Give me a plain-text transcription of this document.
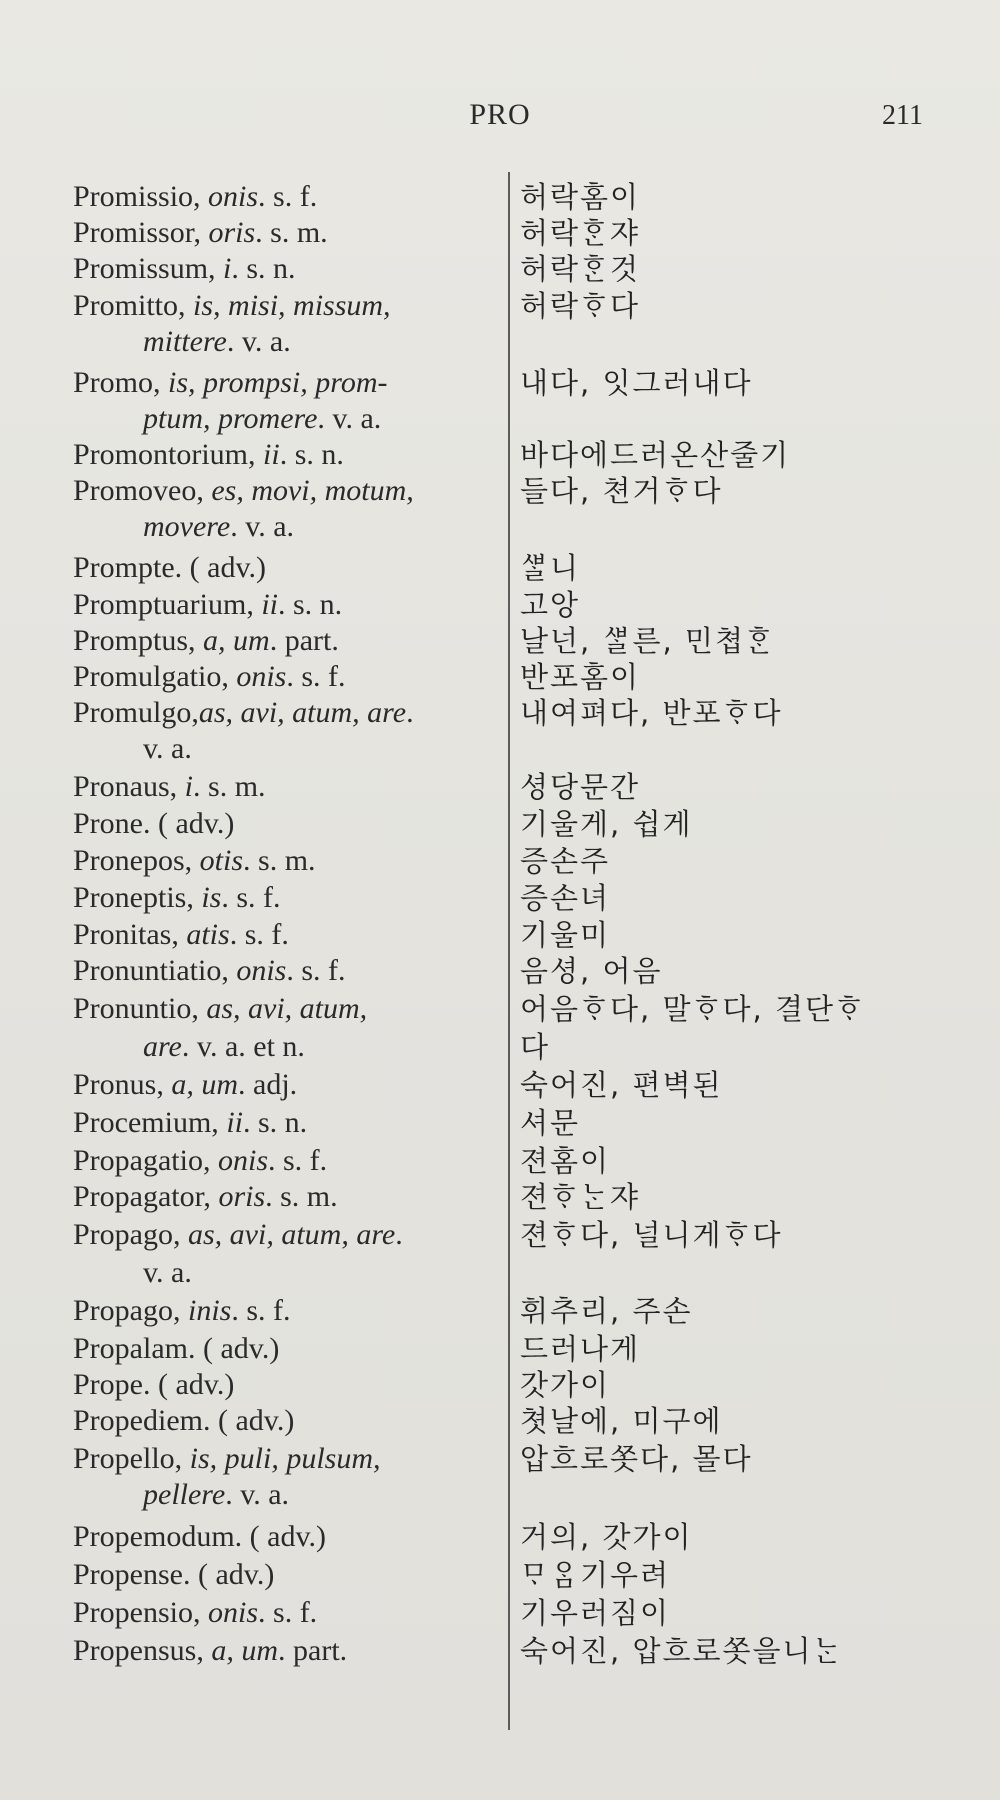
PRO	211
Promissio, onis. s. f.	허락홈이
Promissor, oris. s. m.	허락ᄒᆞᆫ쟈
Promissum, i. s. n.	허락ᄒᆞᆫ것
Promitto, is, misi, missum,	허락ᄒᆞ다
mittere. v. a.
Promo, is, prompsi, prom-	내다, 잇그러내다
ptum, promere. v. a.
Promontorium, ii. s. n.	바다에드러온산줄기
Promoveo, es, movi, motum,	들다, 쳔거ᄒᆞ다
movere. v. a.
Prompte. ( adv.)	ᄲᆞᆯ니
Promptuarium, ii. s. n.	고앙
Promptus, a, um. part.	날넌, ᄲᆞᆯ른, 민쳡ᄒᆞᆫ
Promulgatio, onis. s. f.	반포홈이
Promulgo,as, avi, atum, are.	내여펴다, 반포ᄒᆞ다
v. a.
Pronaus, i. s. m.	셩당문간
Prone. ( adv.)	기울게, 쉽게
Pronepos, otis. s. m.	증손주
Proneptis, is. s. f.	증손녀
Pronitas, atis. s. f.	기울미
Pronuntiatio, onis. s. f.	음셩, 어음
Pronuntio, as, avi, atum,	어음ᄒᆞ다, 말ᄒᆞ다, 결단ᄒᆞ
are. v. a. et n.	다
Pronus, a, um. adj.	숙어진, 편벽된
Procemium, ii. s. n.	셔문
Propagatio, onis. s. f.	젼홈이
Propagator, oris. s. m.	젼ᄒᆞᄂᆞᆫ쟈
Propago, as, avi, atum, are.	젼ᄒᆞ다, 널니게ᄒᆞ다
v. a.
Propago, inis. s. f.	휘추리, 주손
Propalam. ( adv.)	드러나게
Prope. ( adv.)	갓가이
Propediem. ( adv.)	쳣날에, 미구에
Propello, is, puli, pulsum,	압흐로ᄶᅩᆺ다, 몰다
pellere. v. a.
Propemodum. ( adv.)	거의, 갓가이
Propense. ( adv.)	ᄆᆞᄋᆞᆷ기우려
Propensio, onis. s. f.	기우러짐이
Propensus, a, um. part.	숙어진, 압흐로ᄶᅩᆺ을니ᄂᆞᆫ
